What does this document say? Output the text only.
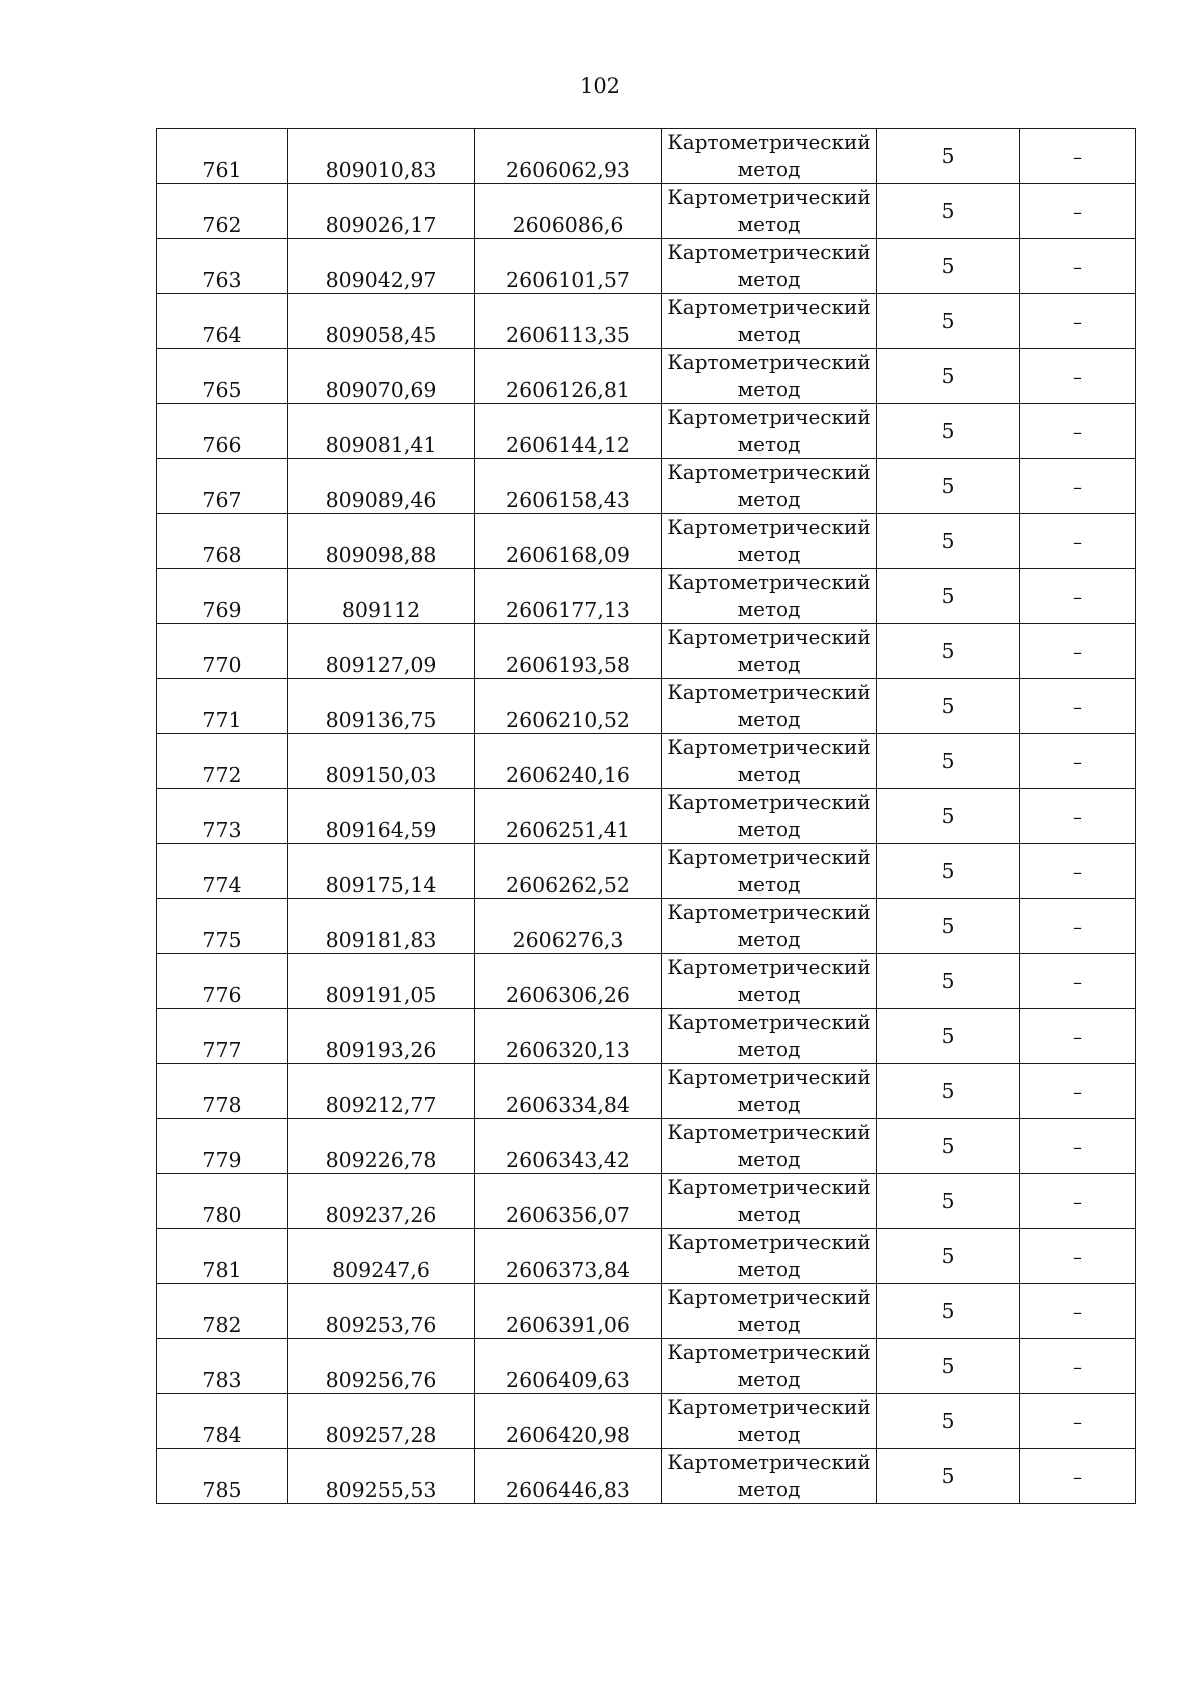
102
761	809010,83	2606062,93	Картометрический
метод	5	–

762	809026,17	2606086,6	Картометрический
метод	5	–

763	809042,97	2606101,57	Картометрический
метод	5	–

764	809058,45	2606113,35	Картометрический
метод	5	–

765	809070,69	2606126,81	Картометрический
метод	5	–

766	809081,41	2606144,12	Картометрический
метод	5	–

767	809089,46	2606158,43	Картометрический
метод	5	–

768	809098,88	2606168,09	Картометрический
метод	5	–

769	809112	2606177,13	Картометрический
метод	5	–

770	809127,09	2606193,58	Картометрический
метод	5	–

771	809136,75	2606210,52	Картометрический
метод	5	–

772	809150,03	2606240,16	Картометрический
метод	5	–

773	809164,59	2606251,41	Картометрический
метод	5	–

774	809175,14	2606262,52	Картометрический
метод	5	–

775	809181,83	2606276,3	Картометрический
метод	5	–

776	809191,05	2606306,26	Картометрический
метод	5	–

777	809193,26	2606320,13	Картометрический
метод	5	–

778	809212,77	2606334,84	Картометрический
метод	5	–

779	809226,78	2606343,42	Картометрический
метод	5	–

780	809237,26	2606356,07	Картометрический
метод	5	–

781	809247,6	2606373,84	Картометрический
метод	5	–

782	809253,76	2606391,06	Картометрический
метод	5	–

783	809256,76	2606409,63	Картометрический
метод	5	–

784	809257,28	2606420,98	Картометрический
метод	5	–

785	809255,53	2606446,83	Картометрический
метод	5	–
